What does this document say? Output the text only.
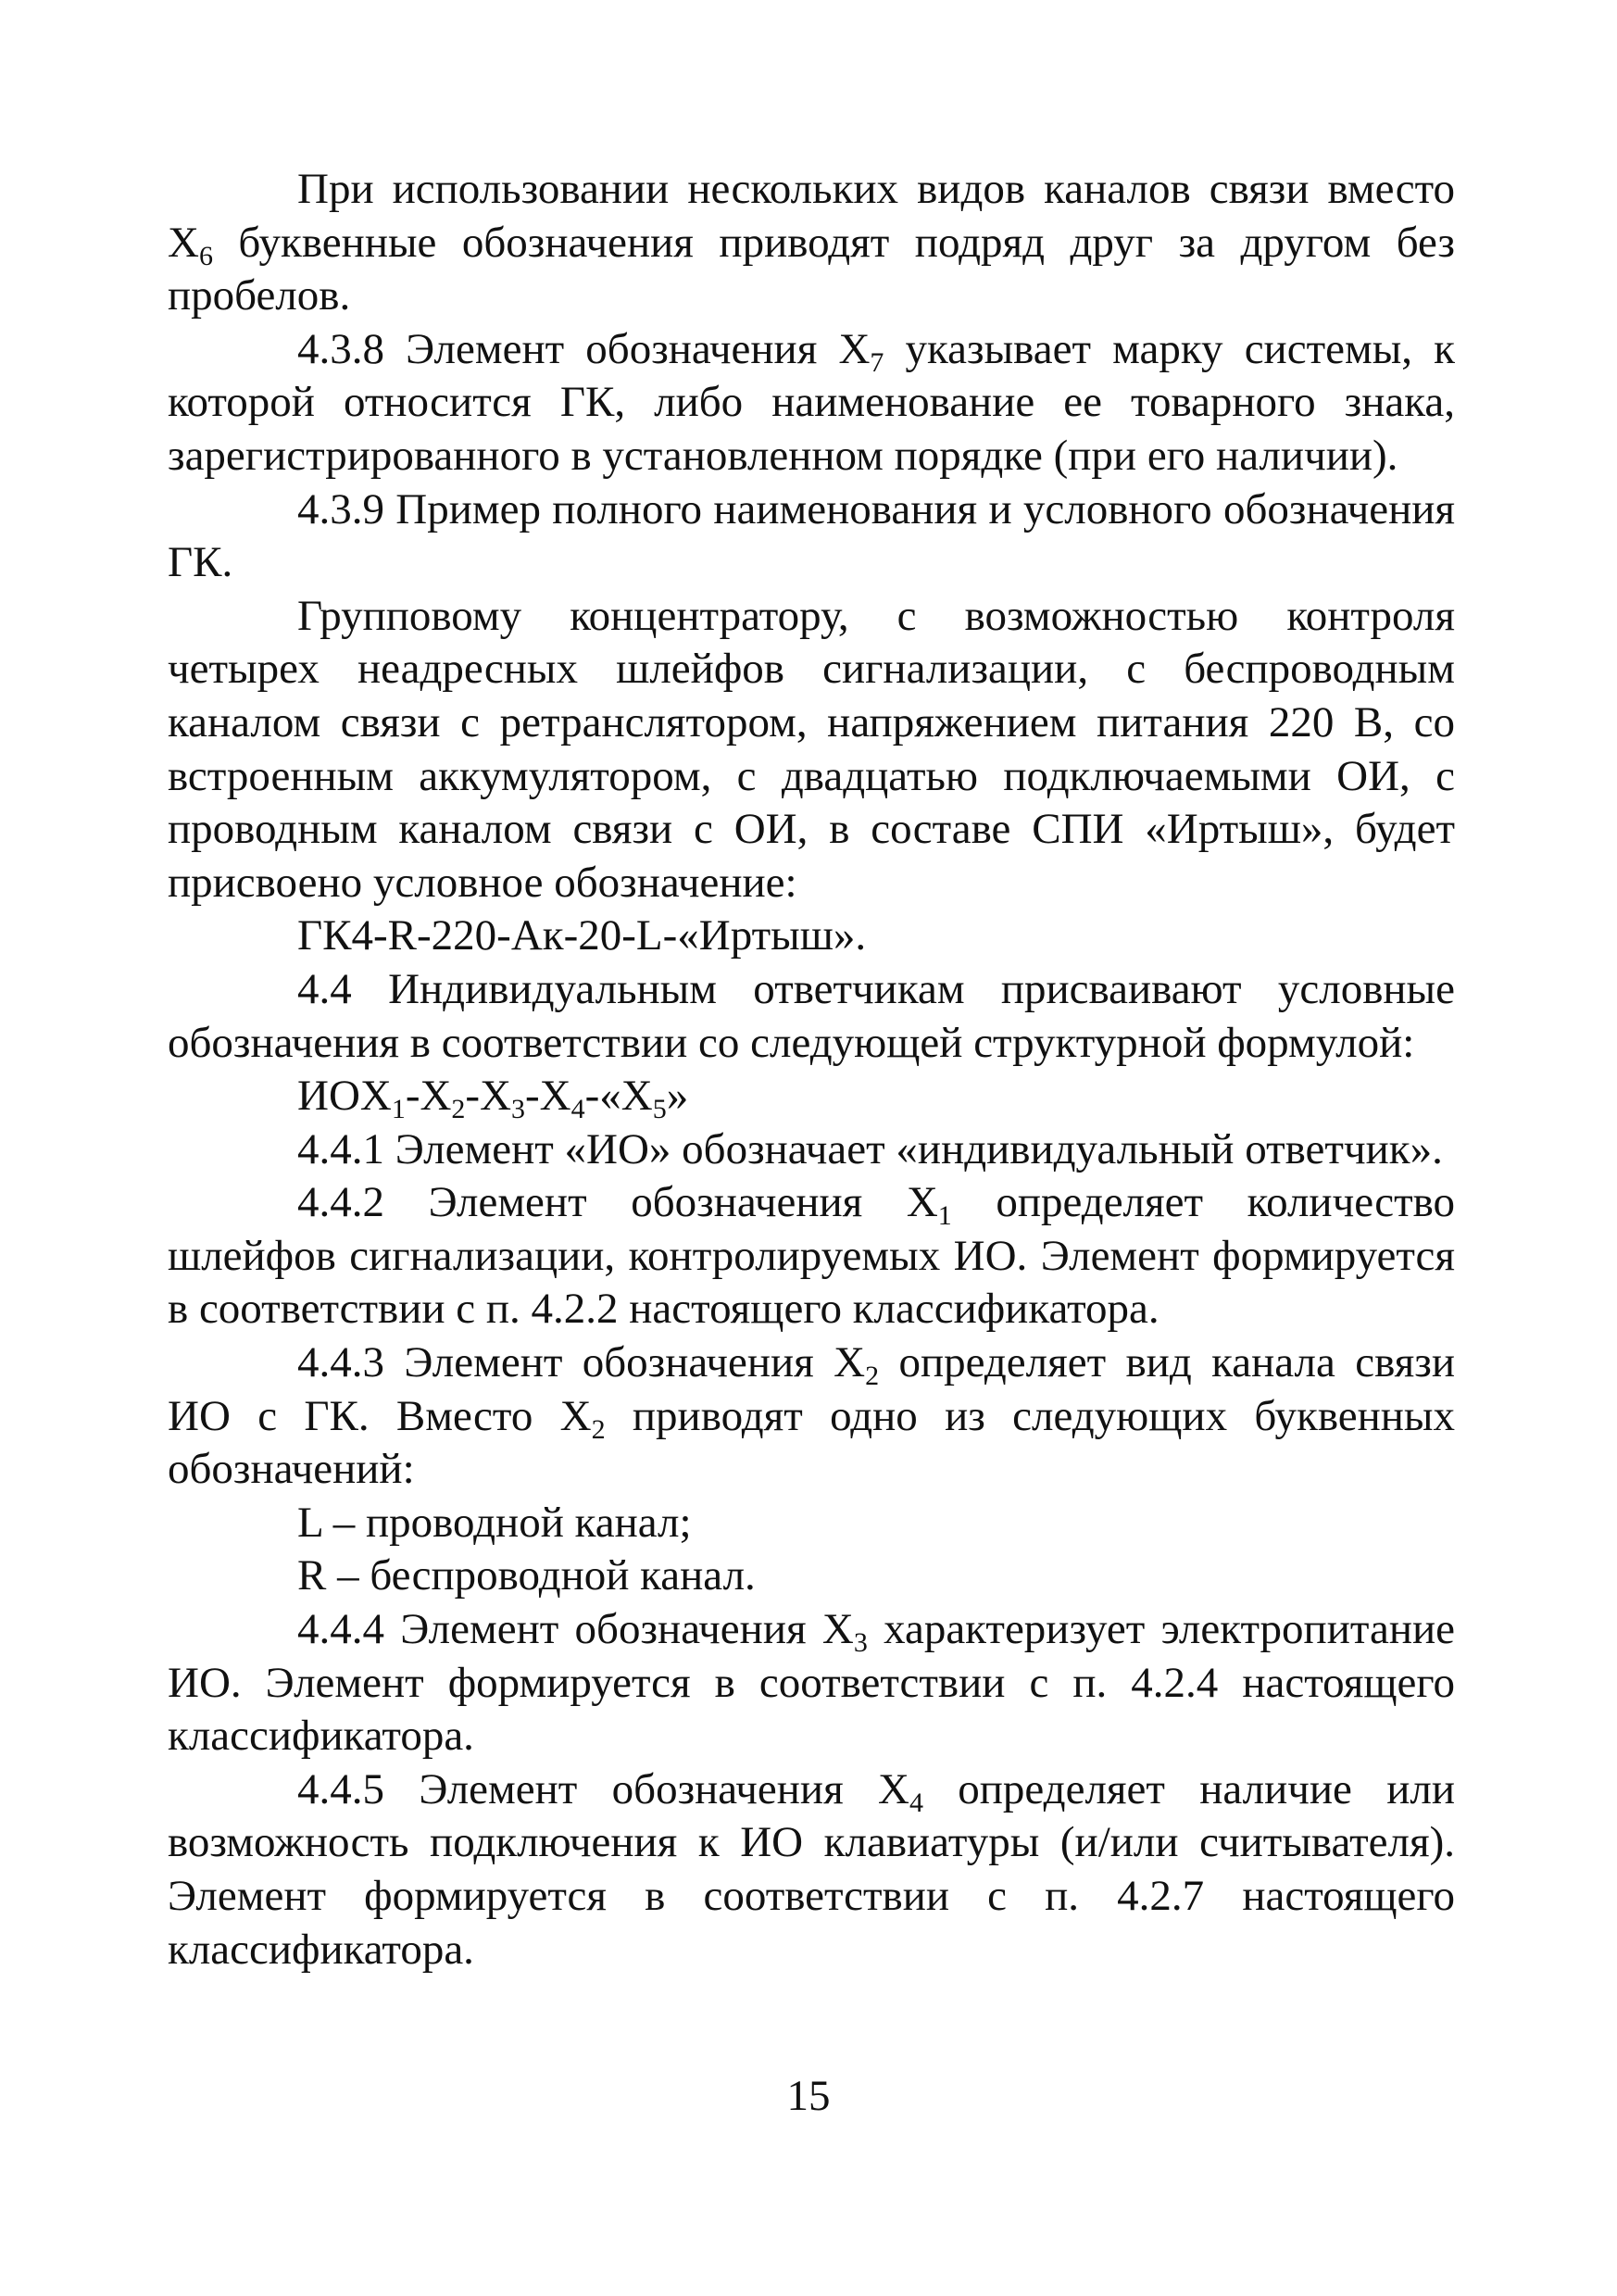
При использовании нескольких видов каналов связи вместо $X_6$ буквенные обозначения приводят подряд друг за другом без пробелов.

4.3.8 Элемент обозначения $X_7$ указывает марку системы, к которой относится ГК, либо наименование ее товарного знака, зарегистрированного в установленном порядке (при его наличии).

4.3.9 Пример полного наименования и условного обозначения ГК.

Групповому концентратору, с возможностью контроля четырех неадресных шлейфов сигнализации, с беспроводным каналом связи с ретранслятором, напряжением питания 220 В, со встроенным аккумулятором, с двадцатью подключаемыми ОИ, с проводным каналом связи с ОИ, в составе СПИ «Иртыш», будет присвоено условное обозначение:

ГК4-R-220-Ак-20-L-«Иртыш».

4.4 Индивидуальным ответчикам присваивают условные обозначения в соответствии со следующей структурной формулой:

$ИОX_1-X_2-X_3-X_4-«X_5$»

4.4.1 Элемент «ИО» обозначает «индивидуальный ответчик».

4.4.2 Элемент обозначения $X_1$ определяет количество шлейфов сигнализации, контролируемых ИО. Элемент формируется в соответствии с п. 4.2.2 настоящего классификатора.

4.4.3 Элемент обозначения $X_2$ определяет вид канала связи ИО с ГК. Вместо $X_2$ приводят одно из следующих буквенных обозначений:

L – проводной канал;

R – беспроводной канал.

4.4.4 Элемент обозначения $X_3$ характеризует электропитание ИО. Элемент формируется в соответствии с п. 4.2.4 настоящего классификатора.

4.4.5 Элемент обозначения $X_4$ определяет наличие или возможность подключения к ИО клавиатуры (и/или считывателя). Элемент формируется в соответствии с п. 4.2.7 настоящего классификатора.

15
